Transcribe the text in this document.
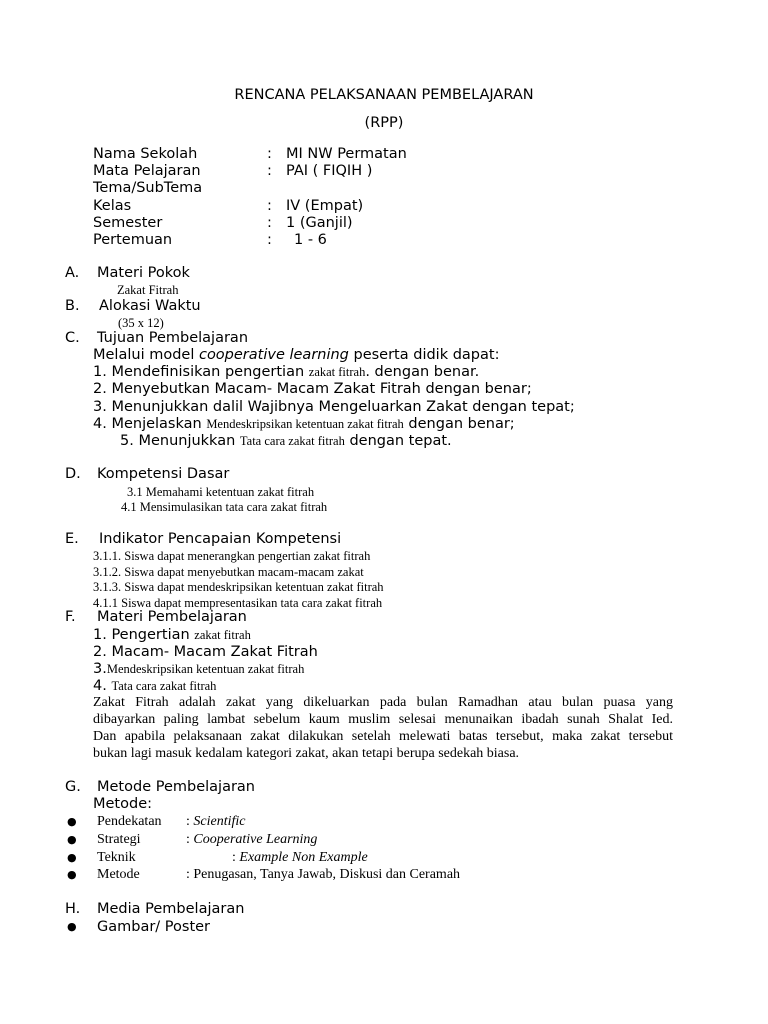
RENCANA PELAKSANAAN PEMBELAJARAN
(RPP)
Nama Sekolah	: MI NW Permatan
Mata Pelajaran	: PAI ( FIQIH )
Tema/SubTema
Kelas	: IV (Empat)
Semester	: 1 (Ganjil)
Pertemuan	: 1 - 6
A. Materi Pokok
Zakat Fitrah
B. Alokasi Waktu
(35 x 12)
C. Tujuan Pembelajaran
Melalui model cooperative learning peserta didik dapat:
1. Mendefinisikan pengertian zakat fitrah. dengan benar.
2. Menyebutkan Macam- Macam Zakat Fitrah dengan benar;
3. Menunjukkan dalil Wajibnya Mengeluarkan Zakat dengan tepat;
4. Menjelaskan Mendeskripsikan ketentuan zakat fitrah dengan benar;
5. Menunjukkan Tata cara zakat fitrah dengan tepat.
D. Kompetensi Dasar
3.1 Memahami ketentuan zakat fitrah
4.1 Mensimulasikan tata cara zakat fitrah
E. Indikator Pencapaian Kompetensi
3.1.1. Siswa dapat menerangkan pengertian zakat fitrah
3.1.2. Siswa dapat menyebutkan macam-macam zakat
3.1.3. Siswa dapat mendeskripsikan ketentuan zakat fitrah
4.1.1 Siswa dapat mempresentasikan tata cara zakat fitrah
F. Materi Pembelajaran
1. Pengertian zakat fitrah
2. Macam- Macam Zakat Fitrah
3.Mendeskripsikan ketentuan zakat fitrah
4. Tata cara zakat fitrah
Zakat Fitrah adalah zakat yang dikeluarkan pada bulan Ramadhan atau bulan puasa yang
dibayarkan paling lambat sebelum kaum muslim selesai menunaikan ibadah sunah Shalat Ied.
Dan apabila pelaksanaan zakat dilakukan setelah melewati batas tersebut, maka zakat tersebut
bukan lagi masuk kedalam kategori zakat, akan tetapi berupa sedekah biasa.
G. Metode Pembelajaran
Metode:
● Pendekatan : Scientific
● Strategi	: Cooperative Learning
● Teknik	: Example Non Example
● Metode	: Penugasan, Tanya Jawab, Diskusi dan Ceramah
H. Media Pembelajaran
● Gambar/ Poster
